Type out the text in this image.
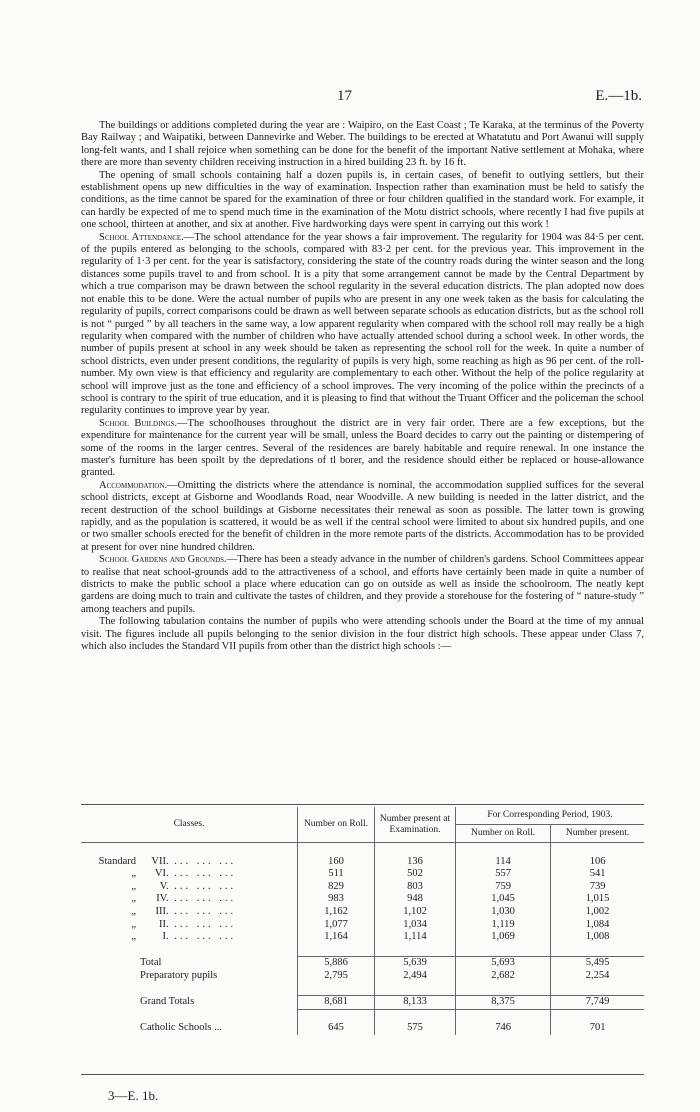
17	E.—1b.

The buildings or additions completed during the year are : Waipiro, on the East Coast ; Te Karaka, at the terminus of the Poverty Bay Railway ; and Waipatiki, between Dannevirke and Weber. The buildings to be erected at Whatatutu and Port Awanui will supply long-felt wants, and I shall rejoice when something can be done for the benefit of the important Native settlement at Mohaka, where there are more than seventy children receiving instruction in a hired building 23 ft. by 16 ft.

The opening of small schools containing half a dozen pupils is, in certain cases, of benefit to outlying settlers, but their establishment opens up new difficulties in the way of examination. Inspection rather than examination must be held to satisfy the conditions, as the time cannot be spared for the examination of three or four children qualified in the standard work. For example, it can hardly be expected of me to spend much time in the examination of the Motu district schools, where recently I had five pupils at one school, thirteen at another, and six at another. Five hardworking days were spent in carrying out this work !

School Attendance.—The school attendance for the year shows a fair improvement. The regularity for 1904 was 84·5 per cent. of the pupils entered as belonging to the schools, compared with 83·2 per cent. for the previous year. This improvement in the regularity of 1·3 per cent. for the year is satisfactory, considering the state of the country roads during the winter season and the long distances some pupils travel to and from school. It is a pity that some arrangement cannot be made by the Central Department by which a true comparison may be drawn between the school regularity in the several education districts. The plan adopted now does not enable this to be done. Were the actual number of pupils who are present in any one week taken as the basis for calculating the regularity of pupils, correct comparisons could be drawn as well between separate schools as education districts, but as the school roll is not “ purged ” by all teachers in the same way, a low apparent regularity when compared with the school roll may really be a high regularity when compared with the number of children who have actually attended school during a school week. In other words, the number of pupils present at school in any week should be taken as representing the school roll for the week. In quite a number of school districts, even under present conditions, the regularity of pupils is very high, some reaching as high as 96 per cent. of the roll-number. My own view is that efficiency and regularity are complementary to each other. Without the help of the police regularity at school will improve just as the tone and efficiency of a school improves. The very incoming of the police within the precincts of a school is contrary to the spirit of true education, and it is pleasing to find that without the Truant Officer and the policeman the school regularity continues to improve year by year.

School Buildings.—The schoolhouses throughout the district are in very fair order. There are a few exceptions, but the expenditure for maintenance for the current year will be small, unless the Board decides to carry out the painting or distempering of some of the rooms in the larger centres. Several of the residences are barely habitable and require renewal. In one instance the master's furniture has been spoilt by the depredations of tl borer, and the residence should either be replaced or house-allowance granted.

Accommodation.—Omitting the districts where the attendance is nominal, the accommodation supplied suffices for the several school districts, except at Gisborne and Woodlands Road, near Woodville. A new building is needed in the latter district, and the recent destruction of the school buildings at Gisborne necessitates their renewal as soon as possible. The latter town is growing rapidly, and as the population is scattered, it would be as well if the central school were limited to about six hundred pupils, and one or two smaller schools erected for the benefit of children in the more remote parts of the districts. Accommodation has to be provided at present for over nine hundred children.

School Gardens and Grounds.—There has been a steady advance in the number of children's gardens. School Committees appear to realise that neat school-grounds add to the attractiveness of a school, and efforts have certainly been made in quite a number of districts to make the public school a place where education can go on outside as well as inside the schoolroom. The neatly kept gardens are doing much to train and cultivate the tastes of children, and they provide a storehouse for the fostering of “ nature-study ” among teachers and pupils.

The following tabulation contains the number of pupils who were attending schools under the Board at the time of my annual visit. The figures include all pupils belonging to the senior division in the four district high schools. These appear under Class 7, which also includes the Standard VII pupils from other than the district high schools :—

Classes.	Number on Roll.	Number present at Examination.	For Corresponding Period, 1903.	
			Number on Roll.	Number present.

Standard VII. ... ... ...	160	136	114	106
„ VI. ... ... ...	511	502	557	541
„ V. ... ... ...	829	803	759	739
„ IV. ... ... ...	983	948	1,045	1,015
„ III. ... ... ...	1,162	1,102	1,030	1,002
„ II. ... ... ...	1,077	1,034	1,119	1,084
„ I. ... ... ...	1,164	1,114	1,069	1,008

Total	5,886	5,639	5,693	5,495
Preparatory pupils	2,795	2,494	2,682	2,254

Grand Totals	8,681	8,133	8,375	7,749

Catholic Schools ...	645	575	746	701
3—E. 1b.
